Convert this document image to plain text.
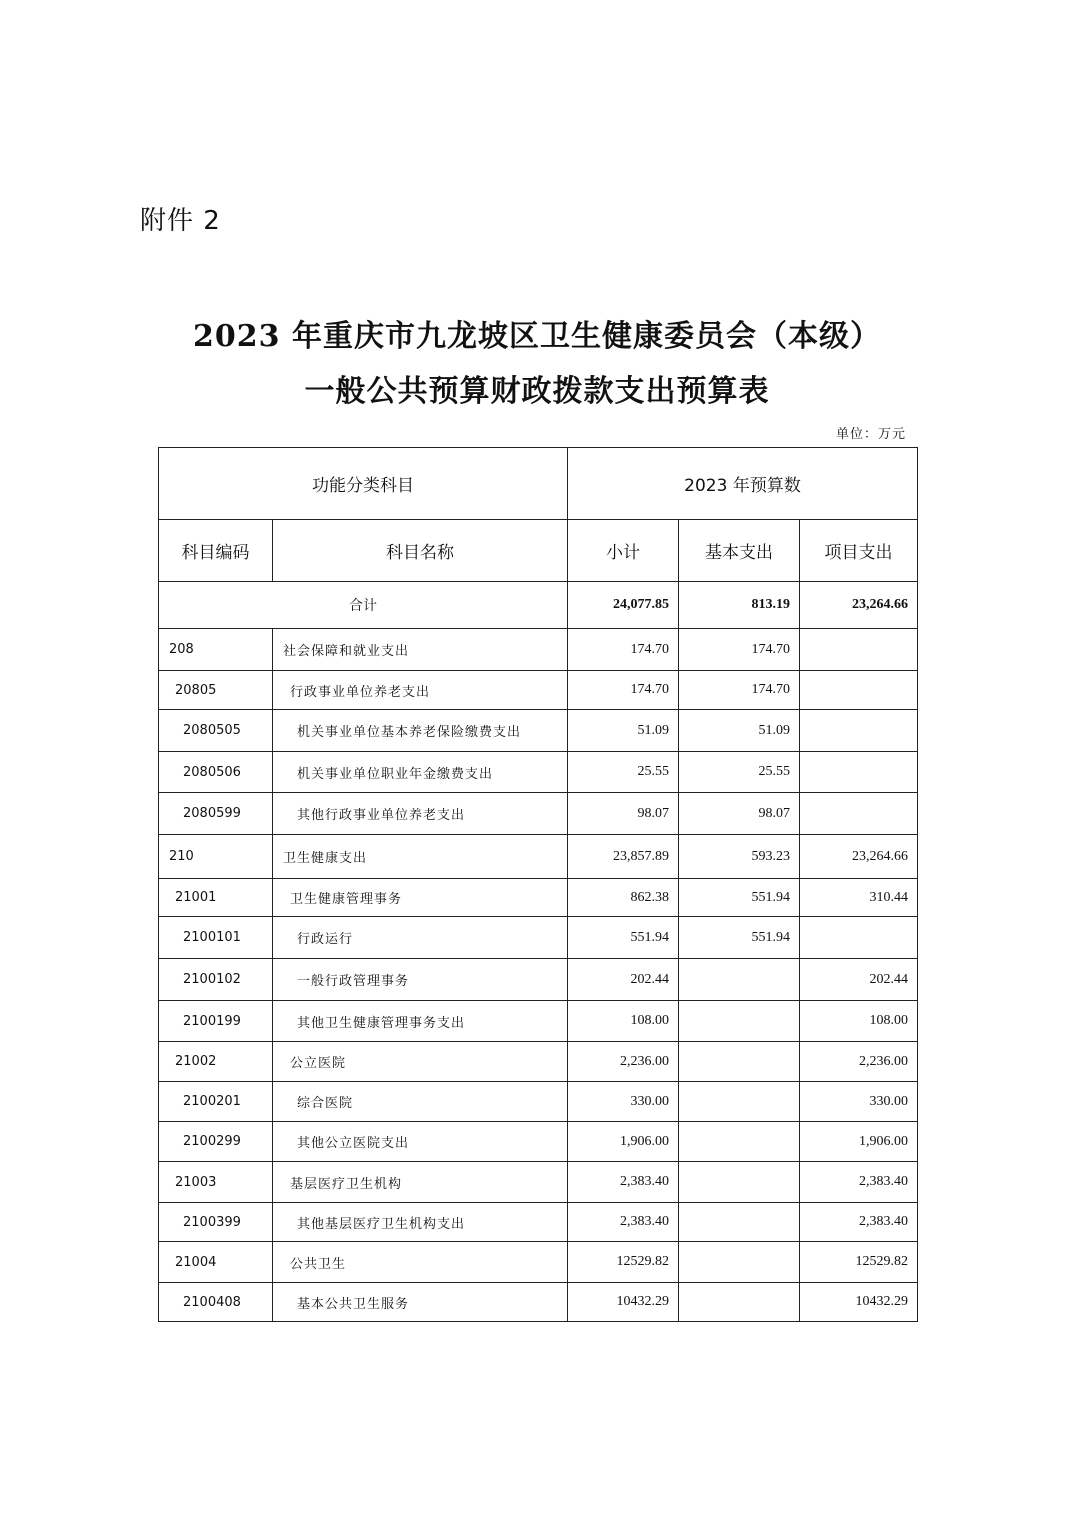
附件 2
2023 年重庆市九龙坡区卫生健康委员会（本级）
一般公共预算财政拨款支出预算表
单位：万元
功能分类科目		2023 年预算数		
科目编码	科目名称	小计	基本支出	项目支出
合计		24,077.85	813.19	23,264.66
208	社会保障和就业支出	174.70	174.70	
20805	行政事业单位养老支出	174.70	174.70	
2080505	机关事业单位基本养老保险缴费支出	51.09	51.09	
2080506	机关事业单位职业年金缴费支出	25.55	25.55	
2080599	其他行政事业单位养老支出	98.07	98.07	
210	卫生健康支出	23,857.89	593.23	23,264.66
21001	卫生健康管理事务	862.38	551.94	310.44
2100101	行政运行	551.94	551.94	
2100102	一般行政管理事务	202.44		202.44
2100199	其他卫生健康管理事务支出	108.00		108.00
21002	公立医院	2,236.00		2,236.00
2100201	综合医院	330.00		330.00
2100299	其他公立医院支出	1,906.00		1,906.00
21003	基层医疗卫生机构	2,383.40		2,383.40
2100399	其他基层医疗卫生机构支出	2,383.40		2,383.40
21004	公共卫生	12529.82		12529.82
2100408	基本公共卫生服务	10432.29		10432.29
